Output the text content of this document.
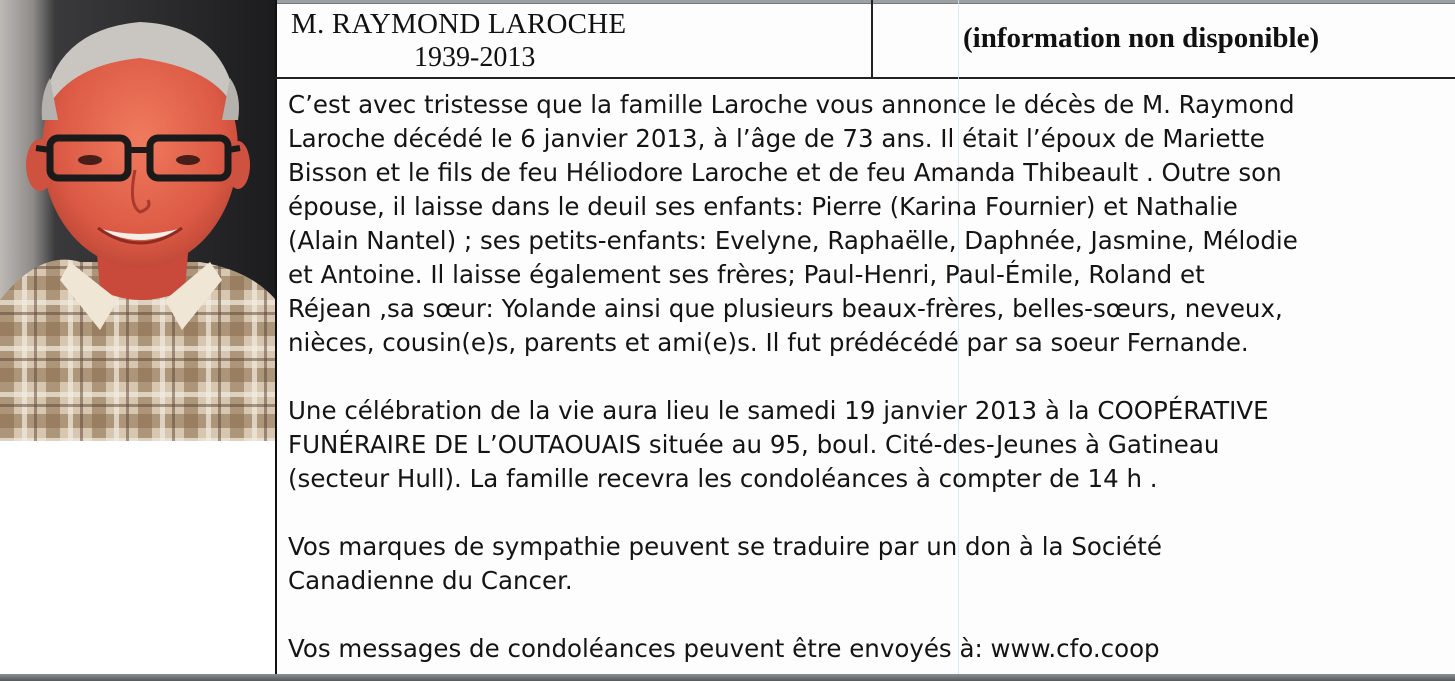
M. RAYMOND LAROCHE
1939-2013
(information non disponible)
C’est avec tristesse que la famille Laroche vous annonce le décès de M. Raymond
Laroche décédé le 6 janvier 2013, à l’âge de 73 ans. Il était l’époux de Mariette
Bisson et le fils de feu Héliodore Laroche et de feu Amanda Thibeault . Outre son
épouse, il laisse dans le deuil ses enfants: Pierre (Karina Fournier) et Nathalie
(Alain Nantel) ; ses petits-enfants: Evelyne, Raphaëlle, Daphnée, Jasmine, Mélodie
et Antoine. Il laisse également ses frères; Paul-Henri, Paul-Émile, Roland et
Réjean ,sa sœur: Yolande ainsi que plusieurs beaux-frères, belles-sœurs, neveux,
nièces, cousin(e)s, parents et ami(e)s. Il fut prédécédé par sa soeur Fernande.
Une célébration de la vie aura lieu le samedi 19 janvier 2013 à la COOPÉRATIVE
FUNÉRAIRE DE L’OUTAOUAIS située au 95, boul. Cité-des-Jeunes à Gatineau
(secteur Hull). La famille recevra les condoléances à compter de 14 h .
Vos marques de sympathie peuvent se traduire par un don à la Société
Canadienne du Cancer.
Vos messages de condoléances peuvent être envoyés à: www.cfo.coop
